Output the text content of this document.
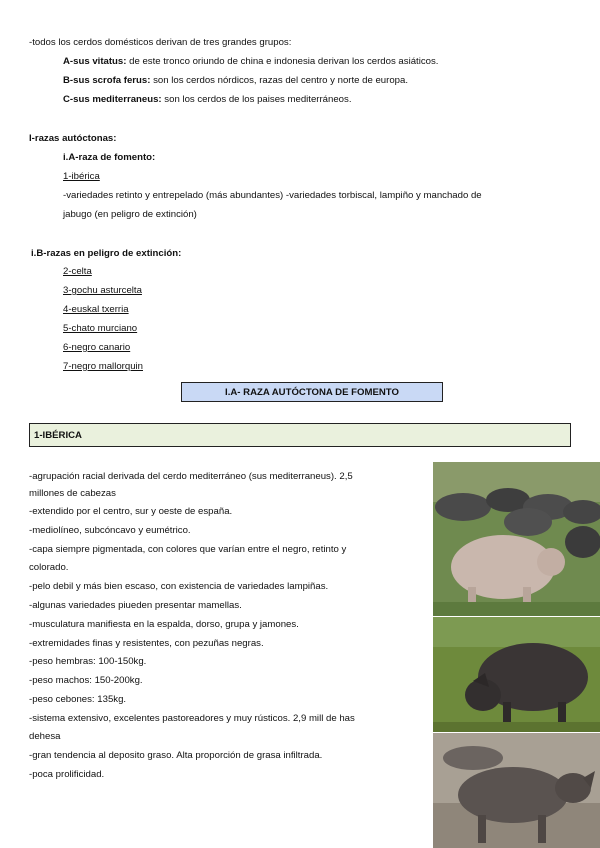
-todos los cerdos domésticos derivan de tres grandes grupos:
A-sus vitatus: de este tronco oriundo de china e indonesia derivan los cerdos asiáticos.
B-sus scrofa ferus: son los cerdos nórdicos, razas del centro y norte de europa.
C-sus mediterraneus: son los cerdos de los paises mediterráneos.
I-razas autóctonas:
i.A-raza de fomento:
1-ibérica
-variedades retinto y entrepelado (más abundantes) -variedades torbiscal, lampiño y manchado de
jabugo (en peligro de extinción)
i.B-razas en peligro de extinción:
2-celta
3-gochu asturcelta
4-euskal txerria
5-chato murciano
6-negro canario
7-negro mallorquin
I.A- RAZA AUTÓCTONA DE FOMENTO
1-IBÉRICA
-agrupación racial derivada del cerdo mediterráneo (sus mediterraneus). 2,5
millones de cabezas
-extendido por el centro, sur y oeste de españa.
-mediolíneo, subcóncavo y eumétrico.
-capa siempre pigmentada, con colores que varían entre el negro, retinto y
colorado.
-pelo debil y más bien escaso, con existencia de variedades lampiñas.
-algunas variedades piueden presentar mamellas.
-musculatura manifiesta en la espalda, dorso, grupa y jamones.
-extremidades finas y resistentes, con pezuñas negras.
-peso hembras: 100-150kg.
-peso machos: 150-200kg.
-peso cebones: 135kg.
-sistema extensivo, excelentes pastoreadores y muy rústicos. 2,9 mill de has
dehesa
-gran tendencia al deposito graso. Alta proporción de grasa infiltrada.
-poca prolificidad.
